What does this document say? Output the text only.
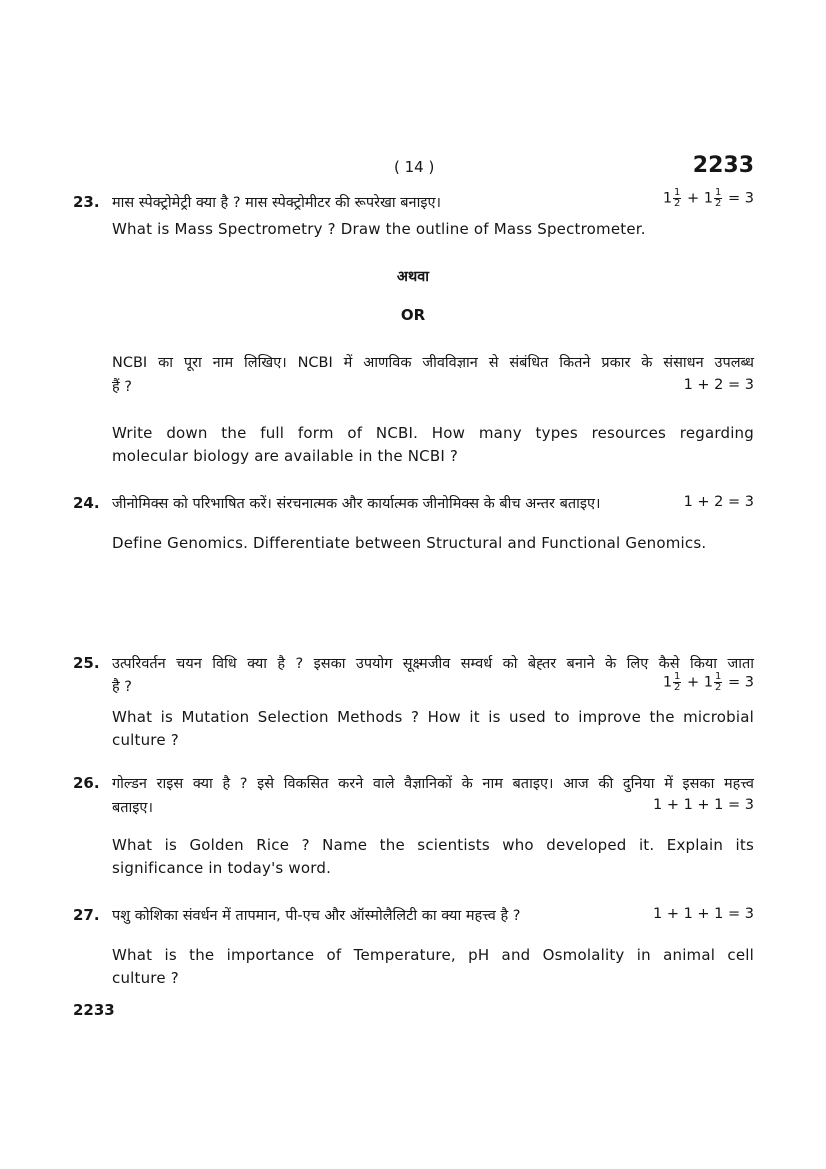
( 14 )	2233
23. मास स्पेक्ट्रोमेट्री क्या है ? मास स्पेक्ट्रोमीटर की रूपरेखा बनाइए।	$1 \frac{1}{2} + 1 \frac{1}{2} = 3$
What is Mass Spectrometry ? Draw the outline of Mass Spectrometer.
अथवा
OR
NCBI का पूरा नाम लिखिए। NCBI में आणविक जीवविज्ञान से संबंधित कितने प्रकार के संसाधन उपलब्ध
हैं ?	1 + 2 = 3
Write down the full form of NCBI. How many types resources regarding
molecular biology are available in the NCBI ?
24. जीनोमिक्स को परिभाषित करें। संरचनात्मक और कार्यात्मक जीनोमिक्स के बीच अन्तर बताइए।	1 + 2 = 3
Define Genomics. Differentiate between Structural and Functional Genomics.
25. उत्परिवर्तन चयन विधि क्या है ? इसका उपयोग सूक्ष्मजीव सम्वर्ध को बेह्तर बनाने के लिए कैसे किया जाता
है ?	$1 \frac{1}{2} + 1 \frac{1}{2} = 3$
What is Mutation Selection Methods ? How it is used to improve the microbial
culture ?
26. गोल्डन राइस क्या है ? इसे विकसित करने वाले वैज्ञानिकों के नाम बताइए। आज की दुनिया में इसका महत्त्व
बताइए।	1 + 1 + 1 = 3
What is Golden Rice ? Name the scientists who developed it. Explain its
significance in today's word.
27. पशु कोशिका संवर्धन में तापमान, पी-एच और ऑस्मोलैलिटी का क्या महत्त्व है ?	1 + 1 + 1 = 3
What is the importance of Temperature, pH and Osmolality in animal cell
culture ?
2233
